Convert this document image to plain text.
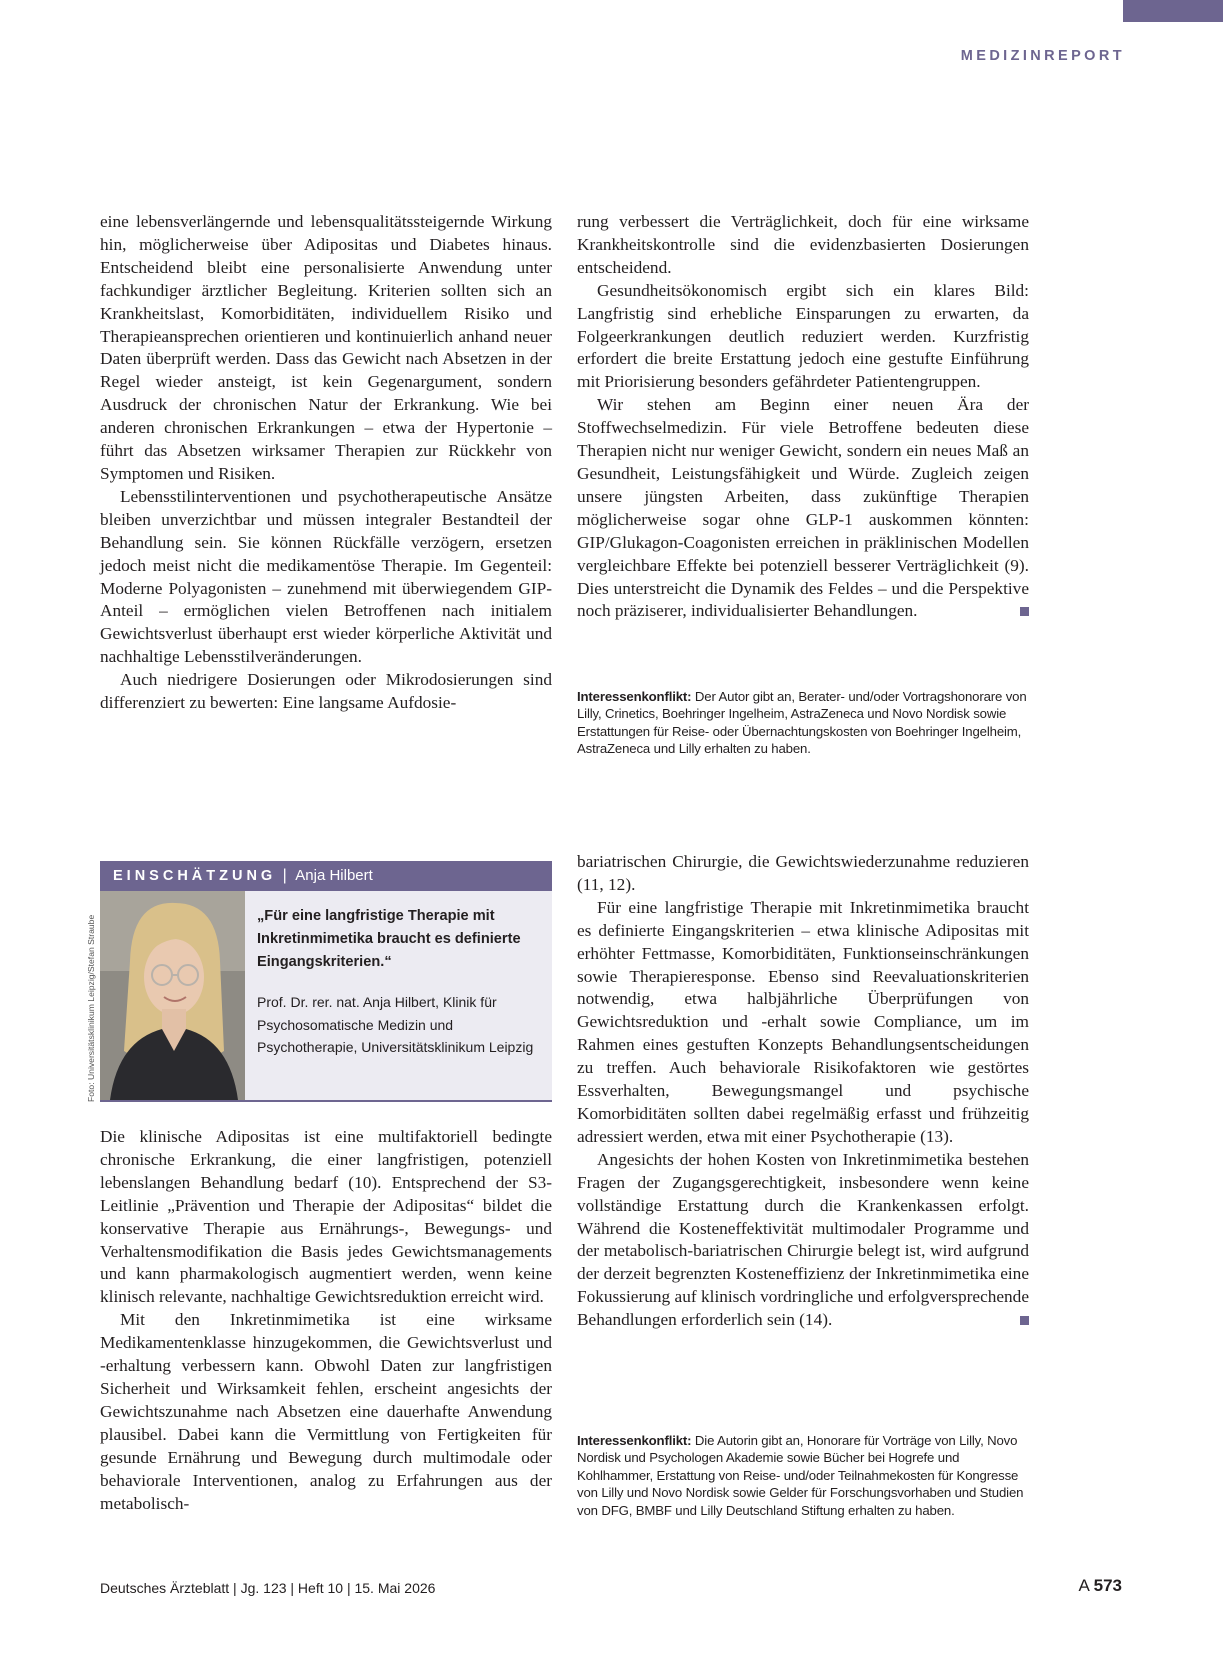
MEDIZINREPORT

eine lebensverlängernde und lebensqualitätssteigernde Wirkung hin, möglicherweise über Adipositas und Diabetes hinaus. Entscheidend bleibt eine personalisierte Anwendung unter fachkundiger ärztlicher Begleitung. Kriterien sollten sich an Krankheitslast, Komorbiditäten, individuellem Risiko und Therapieansprechen orientieren und kontinuierlich anhand neuer Daten überprüft werden. Dass das Gewicht nach Absetzen in der Regel wieder ansteigt, ist kein Gegenargument, sondern Ausdruck der chronischen Natur der Erkrankung. Wie bei anderen chronischen Erkrankungen – etwa der Hypertonie – führt das Absetzen wirksamer Therapien zur Rückkehr von Symptomen und Risiken.

Lebensstilinterventionen und psychotherapeutische Ansätze bleiben unverzichtbar und müssen integraler Bestandteil der Behandlung sein. Sie können Rückfälle verzögern, ersetzen jedoch meist nicht die medikamentöse Therapie. Im Gegenteil: Moderne Polyagonisten – zunehmend mit überwiegendem GIP-Anteil – ermöglichen vielen Betroffenen nach initialem Gewichtsverlust überhaupt erst wieder körperliche Aktivität und nachhaltige Lebensstilveränderungen.

Auch niedrigere Dosierungen oder Mikrodosierungen sind differenziert zu bewerten: Eine langsame Aufdosie-

rung verbessert die Verträglichkeit, doch für eine wirksame Krankheitskontrolle sind die evidenzbasierten Dosierungen entscheidend.

Gesundheitsökonomisch ergibt sich ein klares Bild: Langfristig sind erhebliche Einsparungen zu erwarten, da Folgeerkrankungen deutlich reduziert werden. Kurzfristig erfordert die breite Erstattung jedoch eine gestufte Einführung mit Priorisierung besonders gefährdeter Patientengruppen.

Wir stehen am Beginn einer neuen Ära der Stoffwechselmedizin. Für viele Betroffene bedeuten diese Therapien nicht nur weniger Gewicht, sondern ein neues Maß an Gesundheit, Leistungsfähigkeit und Würde. Zugleich zeigen unsere jüngsten Arbeiten, dass zukünftige Therapien möglicherweise sogar ohne GLP-1 auskommen könnten: GIP/Glukagon-Coagonisten erreichen in präklinischen Modellen vergleichbare Effekte bei potenziell besserer Verträglichkeit (9). Dies unterstreicht die Dynamik des Feldes – und die Perspektive noch präziserer, individualisierter Behandlungen.

Interessenkonflikt: Der Autor gibt an, Berater- und/oder Vortragshonorare von Lilly, Crinetics, Boehringer Ingelheim, AstraZeneca und Novo Nordisk sowie Erstattungen für Reise- oder Übernachtungskosten von Boehringer Ingelheim, AstraZeneca und Lilly erhalten zu haben.
EINSCHÄTZUNG | Anja Hilbert
„Für eine langfristige Therapie mit Inkretinmimetika braucht es definierte Eingangskriterien.“
Prof. Dr. rer. nat. Anja Hilbert, Klinik für Psychosomatische Medizin und Psychotherapie, Universitätsklinikum Leipzig
Foto: Universitätsklinikum Leipzig/Stefan Straube

Die klinische Adipositas ist eine multifaktoriell bedingte chronische Erkrankung, die einer langfristigen, potenziell lebenslangen Behandlung bedarf (10). Entsprechend der S3-Leitlinie „Prävention und Therapie der Adipositas“ bildet die konservative Therapie aus Ernährungs-, Bewegungs- und Verhaltensmodifikation die Basis jedes Gewichtsmanagements und kann pharmakologisch augmentiert werden, wenn keine klinisch relevante, nachhaltige Gewichtsreduktion erreicht wird.

Mit den Inkretinmimetika ist eine wirksame Medikamentenklasse hinzugekommen, die Gewichtsverlust und -erhaltung verbessern kann. Obwohl Daten zur langfristigen Sicherheit und Wirksamkeit fehlen, erscheint angesichts der Gewichtszunahme nach Absetzen eine dauerhafte Anwendung plausibel. Dabei kann die Vermittlung von Fertigkeiten für gesunde Ernährung und Bewegung durch multimodale oder behaviorale Interventionen, analog zu Erfahrungen aus der metabolisch-

bariatrischen Chirurgie, die Gewichtswiederzunahme reduzieren (11, 12).

Für eine langfristige Therapie mit Inkretinmimetika braucht es definierte Eingangskriterien – etwa klinische Adipositas mit erhöhter Fettmasse, Komorbiditäten, Funktionseinschränkungen sowie Therapieresponse. Ebenso sind Reevaluationskriterien notwendig, etwa halbjährliche Überprüfungen von Gewichtsreduktion und -erhalt sowie Compliance, um im Rahmen eines gestuften Konzepts Behandlungsentscheidungen zu treffen. Auch behaviorale Risikofaktoren wie gestörtes Essverhalten, Bewegungsmangel und psychische Komorbiditäten sollten dabei regelmäßig erfasst und frühzeitig adressiert werden, etwa mit einer Psychotherapie (13).

Angesichts der hohen Kosten von Inkretinmimetika bestehen Fragen der Zugangsgerechtigkeit, insbesondere wenn keine vollständige Erstattung durch die Krankenkassen erfolgt. Während die Kosteneffektivität multimodaler Programme und der metabolisch-bariatrischen Chirurgie belegt ist, wird aufgrund der derzeit begrenzten Kosteneffizienz der Inkretinmimetika eine Fokussierung auf klinisch vordringliche und erfolgversprechende Behandlungen erforderlich sein (14).

Interessenkonflikt: Die Autorin gibt an, Honorare für Vorträge von Lilly, Novo Nordisk und Psychologen Akademie sowie Bücher bei Hogrefe und Kohlhammer, Erstattung von Reise- und/oder Teilnahmekosten für Kongresse von Lilly und Novo Nordisk sowie Gelder für Forschungsvorhaben und Studien von DFG, BMBF und Lilly Deutschland Stiftung erhalten zu haben.
Deutsches Ärzteblatt | Jg. 123 | Heft 10 | 15. Mai 2026	A 573
